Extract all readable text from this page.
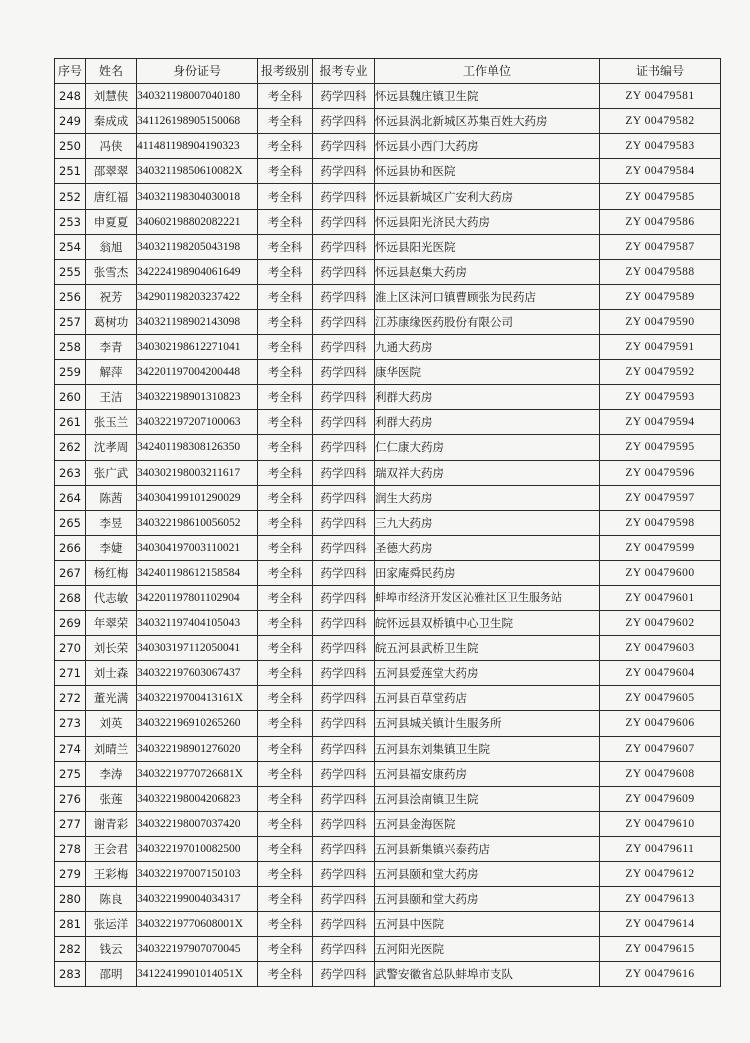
序号	姓名	身份证号	报考级别	报考专业	工作单位	证书编号
248	刘慧侠	340321198007040180	考全科	药学四科	怀远县魏庄镇卫生院	ZY 00479581
249	秦成成	341126198905150068	考全科	药学四科	怀远县涡北新城区苏集百姓大药房	ZY 00479582
250	冯侠	411481198904190323	考全科	药学四科	怀远县小西门大药房	ZY 00479583
251	邵翠翠	34032119850610082X	考全科	药学四科	怀远县协和医院	ZY 00479584
252	唐红福	340321198304030018	考全科	药学四科	怀远县新城区广安利大药房	ZY 00479585
253	申夏夏	340602198802082221	考全科	药学四科	怀远县阳光济民大药房	ZY 00479586
254	翁旭	340321198205043198	考全科	药学四科	怀远县阳光医院	ZY 00479587
255	张雪杰	342224198904061649	考全科	药学四科	怀远县赵集大药房	ZY 00479588
256	祝芳	342901198203237422	考全科	药学四科	淮上区沫河口镇曹顾张为民药店	ZY 00479589
257	葛树功	340321198902143098	考全科	药学四科	江苏康缘医药股份有限公司	ZY 00479590
258	李青	340302198612271041	考全科	药学四科	九通大药房	ZY 00479591
259	解萍	342201197004200448	考全科	药学四科	康华医院	ZY 00479592
260	王洁	340322198901310823	考全科	药学四科	利群大药房	ZY 00479593
261	张玉兰	340322197207100063	考全科	药学四科	利群大药房	ZY 00479594
262	沈孝周	342401198308126350	考全科	药学四科	仁仁康大药房	ZY 00479595
263	张广武	340302198003211617	考全科	药学四科	瑞双祥大药房	ZY 00479596
264	陈茜	340304199101290029	考全科	药学四科	润生大药房	ZY 00479597
265	李昱	340322198610056052	考全科	药学四科	三九大药房	ZY 00479598
266	李婕	340304197003110021	考全科	药学四科	圣德大药房	ZY 00479599
267	杨红梅	342401198612158584	考全科	药学四科	田家庵舜民药房	ZY 00479600
268	代志敏	342201197801102904	考全科	药学四科	蚌埠市经济开发区沁雅社区卫生服务站	ZY 00479601
269	年翠荣	340321197404105043	考全科	药学四科	皖怀远县双桥镇中心卫生院	ZY 00479602
270	刘长荣	340303197112050041	考全科	药学四科	皖五河县武桥卫生院	ZY 00479603
271	刘士森	340322197603067437	考全科	药学四科	五河县爱莲堂大药房	ZY 00479604
272	董光满	34032219700413161X	考全科	药学四科	五河县百草堂药店	ZY 00479605
273	刘英	340322196910265260	考全科	药学四科	五河县城关镇计生服务所	ZY 00479606
274	刘晴兰	340322198901276020	考全科	药学四科	五河县东刘集镇卫生院	ZY 00479607
275	李涛	34032219770726681X	考全科	药学四科	五河县福安康药房	ZY 00479608
276	张莲	340322198004206823	考全科	药学四科	五河县浍南镇卫生院	ZY 00479609
277	谢青彩	340322198007037420	考全科	药学四科	五河县金海医院	ZY 00479610
278	王会君	340322197010082500	考全科	药学四科	五河县新集镇兴泰药店	ZY 00479611
279	王彩梅	340322197007150103	考全科	药学四科	五河县颐和堂大药房	ZY 00479612
280	陈良	340322199004034317	考全科	药学四科	五河县颐和堂大药房	ZY 00479613
281	张运洋	34032219770608001X	考全科	药学四科	五河县中医院	ZY 00479614
282	钱云	340322197907070045	考全科	药学四科	五河阳光医院	ZY 00479615
283	邵明	34122419901014051X	考全科	药学四科	武警安徽省总队蚌埠市支队	ZY 00479616
